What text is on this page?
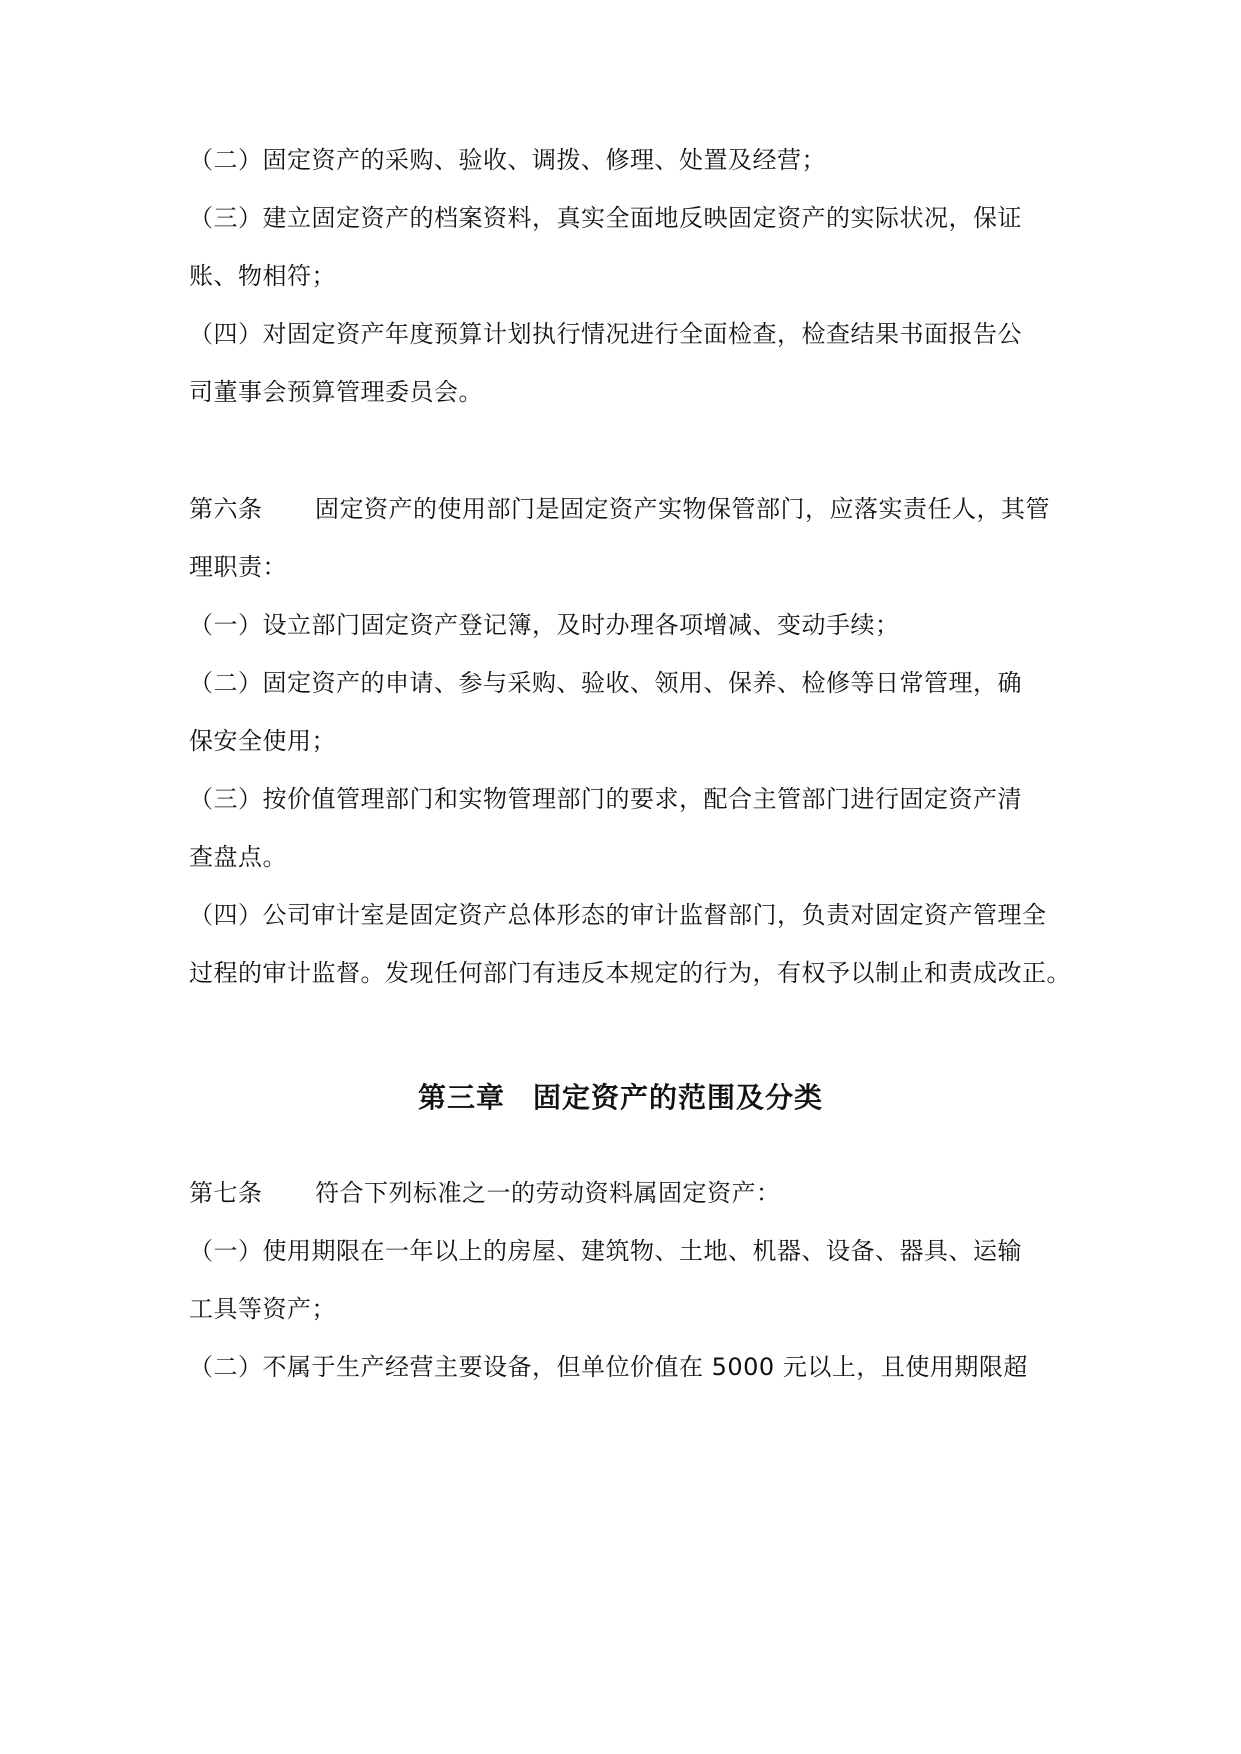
（二）固定资产的采购、验收、调拨、修理、处置及经营；
（三）建立固定资产的档案资料，真实全面地反映固定资产的实际状况，保证
账、物相符；
（四）对固定资产年度预算计划执行情况进行全面检查，检查结果书面报告公
司董事会预算管理委员会。
第六条 固定资产的使用部门是固定资产实物保管部门，应落实责任人，其管
理职责：
（一）设立部门固定资产登记簿，及时办理各项增减、变动手续；
（二）固定资产的申请、参与采购、验收、领用、保养、检修等日常管理，确
保安全使用；
（三）按价值管理部门和实物管理部门的要求，配合主管部门进行固定资产清
查盘点。
（四）公司审计室是固定资产总体形态的审计监督部门，负责对固定资产管理全
过程的审计监督。发现任何部门有违反本规定的行为，有权予以制止和责成改正。
第三章 固定资产的范围及分类
第七条 符合下列标准之一的劳动资料属固定资产：
（一）使用期限在一年以上的房屋、建筑物、土地、机器、设备、器具、运输
工具等资产；
（二）不属于生产经营主要设备，但单位价值在 5000 元以上，且使用期限超
